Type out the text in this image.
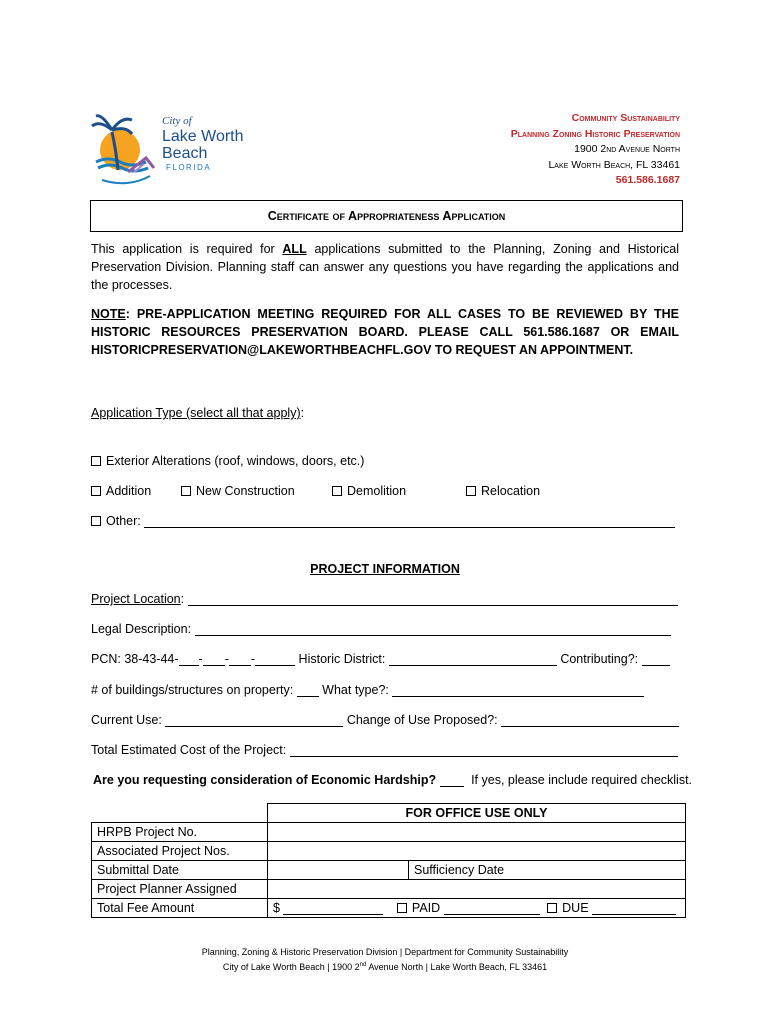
City of
Lake Worth
Beach
FLORIDA
Community Sustainability
Planning Zoning Historic Preservation
1900 2nd Avenue North
Lake Worth Beach, FL 33461
561.586.1687
Certificate of Appropriateness Application
This application is required for ALL applications submitted to the Planning, Zoning and Historical Preservation Division. Planning staff can answer any questions you have regarding the applications and the processes.
NOTE: PRE-APPLICATION MEETING REQUIRED FOR ALL CASES TO BE REVIEWED BY THE HISTORIC RESOURCES PRESERVATION BOARD. PLEASE CALL 561.586.1687 OR EMAIL HISTORICPRESERVATION@LAKEWORTHBEACHFL.GOV TO REQUEST AN APPOINTMENT.
Application Type (select all that apply):
Exterior Alterations (roof, windows, doors, etc.)
Addition	New Construction	Demolition	Relocation
Other:
PROJECT INFORMATION
Project Location:
Legal Description:
PCN: 38-43-44- - - -	Historic District:	Contributing?:
# of buildings/structures on property: What type?:
Current Use:	Change of Use Proposed?:
Total Estimated Cost of the Project:
Are you requesting consideration of Economic Hardship?	If yes, please include required checklist.
	FOR OFFICE USE ONLY	
HRPB Project No.		
Associated Project Nos.		
Submittal Date		Sufficiency Date
Project Planner Assigned		
Total Fee Amount	$ PAID DUE	
Planning, Zoning & Historic Preservation Division | Department for Community Sustainability
City of Lake Worth Beach | 1900 2nd Avenue North | Lake Worth Beach, FL 33461
